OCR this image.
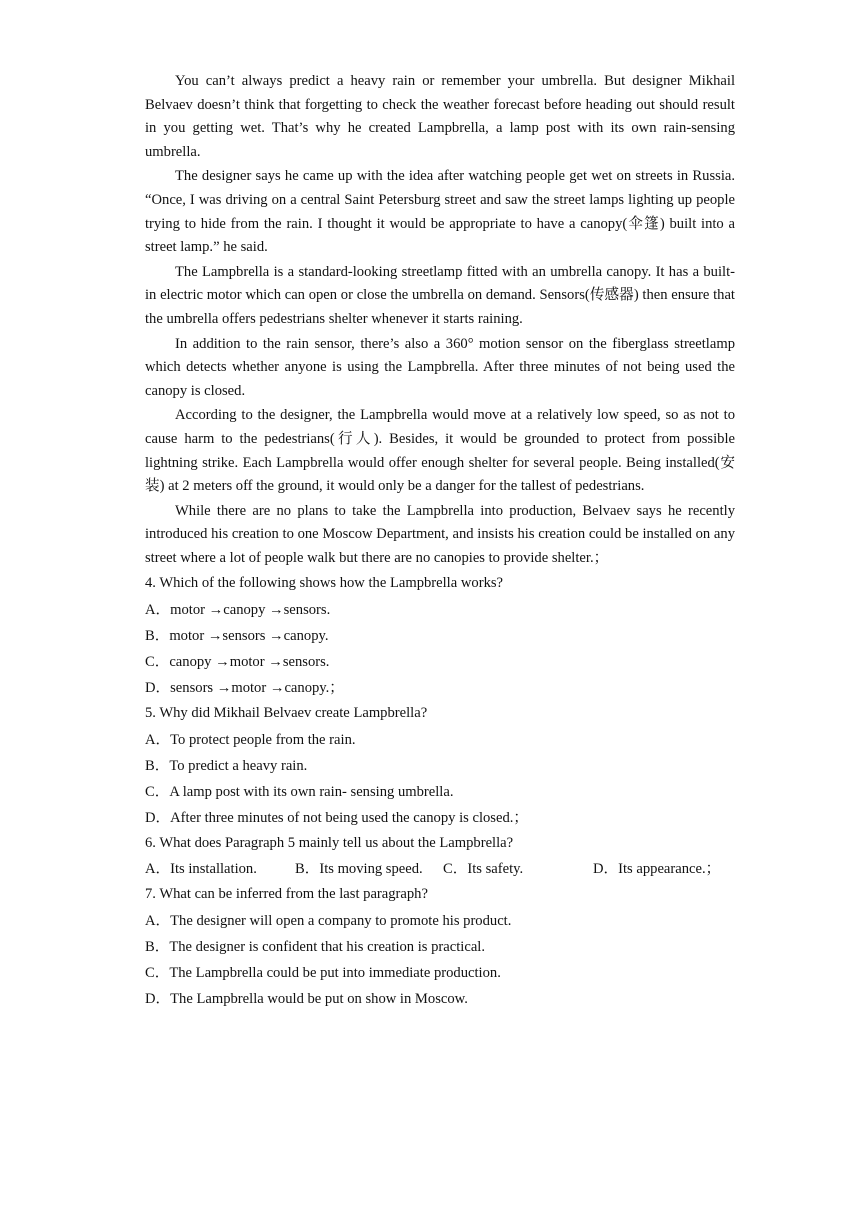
You can’t always predict a heavy rain or remember your umbrella. But designer Mikhail Belvaev doesn’t think that forgetting to check the weather forecast before heading out should result in you getting wet. That’s why he created Lampbrella, a lamp post with its own rain-sensing umbrella.

The designer says he came up with the idea after watching people get wet on streets in Russia. “Once, I was driving on a central Saint Petersburg street and saw the street lamps lighting up people trying to hide from the rain. I thought it would be appropriate to have a canopy(伞篷) built into a street lamp.” he said.

The Lampbrella is a standard-looking streetlamp fitted with an umbrella canopy. It has a built-in electric motor which can open or close the umbrella on demand. Sensors(传感器) then ensure that the umbrella offers pedestrians shelter whenever it starts raining.

In addition to the rain sensor, there’s also a 360° motion sensor on the fiberglass streetlamp which detects whether anyone is using the Lampbrella. After three minutes of not being used the canopy is closed.

According to the designer, the Lampbrella would move at a relatively low speed, so as not to cause harm to the pedestrians(行人). Besides, it would be grounded to protect from possible lightning strike. Each Lampbrella would offer enough shelter for several people. Being installed(安装) at 2 meters off the ground, it would only be a danger for the tallest of pedestrians.

While there are no plans to take the Lampbrella into production, Belvaev says he recently introduced his creation to one Moscow Department, and insists his creation could be installed on any street where a lot of people walk but there are no canopies to provide shelter.；

4. Which of the following shows how the Lampbrella works?

A．motor →canopy →sensors.

B．motor →sensors →canopy.

C．canopy →motor →sensors.

D．sensors →motor →canopy.；

5. Why did Mikhail Belvaev create Lampbrella?

A．To protect people from the rain.

B．To predict a heavy rain.

C．A lamp post with its own rain- sensing umbrella.

D．After three minutes of not being used the canopy is closed.；

6. What does Paragraph 5 mainly tell us about the Lampbrella?

A．Its installation.	B．Its moving speed.	C．Its safety.	D．Its appearance.；

7. What can be inferred from the last paragraph?

A．The designer will open a company to promote his product.

B．The designer is confident that his creation is practical.

C．The Lampbrella could be put into immediate production.

D．The Lampbrella would be put on show in Moscow.
